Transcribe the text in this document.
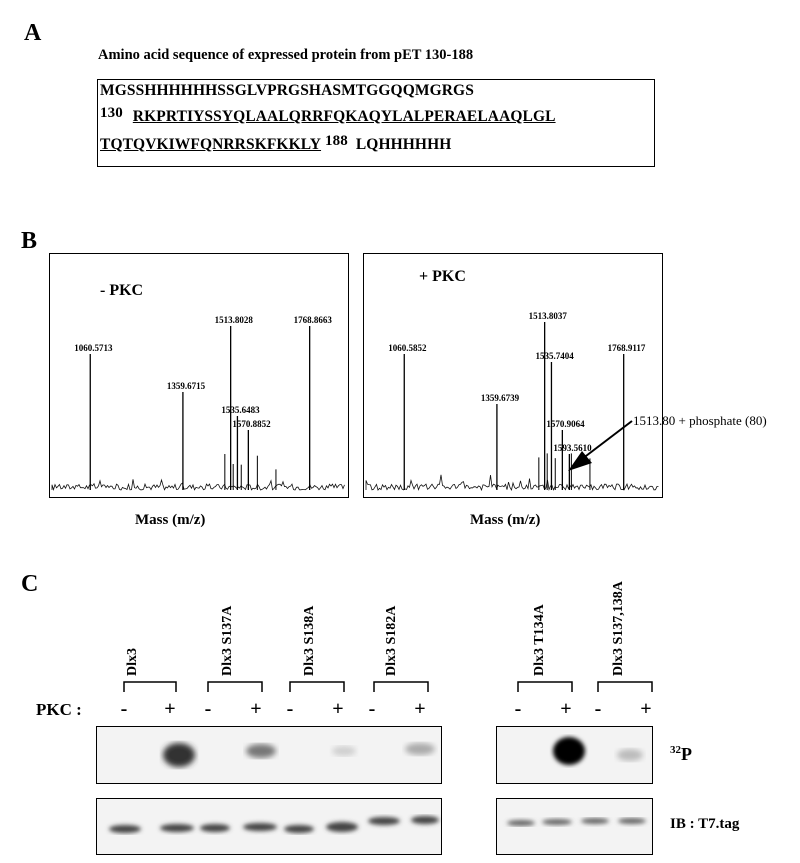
A
Amino acid sequence of expressed protein from pET 130-188
MGSSHHHHHHSSGLVPRGSHASMTGGQQMGRGS
130 RKPRTIYSSYQLAALQRRFQKAQYLALPERAELAAQLGL
TQTQVKIWFQNRRSKFKKLY 188 LQHHHHHH
B
- PKC
1060.5713
1359.6715
1513.8028
1535.6483
1570.8852
1768.8663
+ PKC
1060.5852
1359.6739
1513.8037
1535.7404
1570.9064
1593.5610
1768.9117
1513.80 + phosphate (80)
Mass (m/z)	Mass (m/z)
C
Dlx3	Dlx3 S137A	Dlx3 S138A	Dlx3 S182A	Dlx3 T134A	Dlx3 S137,138A
PKC :	-	+	-	+	-	+	-	+	-	+	-	+
$^{32}$P
IB : T7.tag
